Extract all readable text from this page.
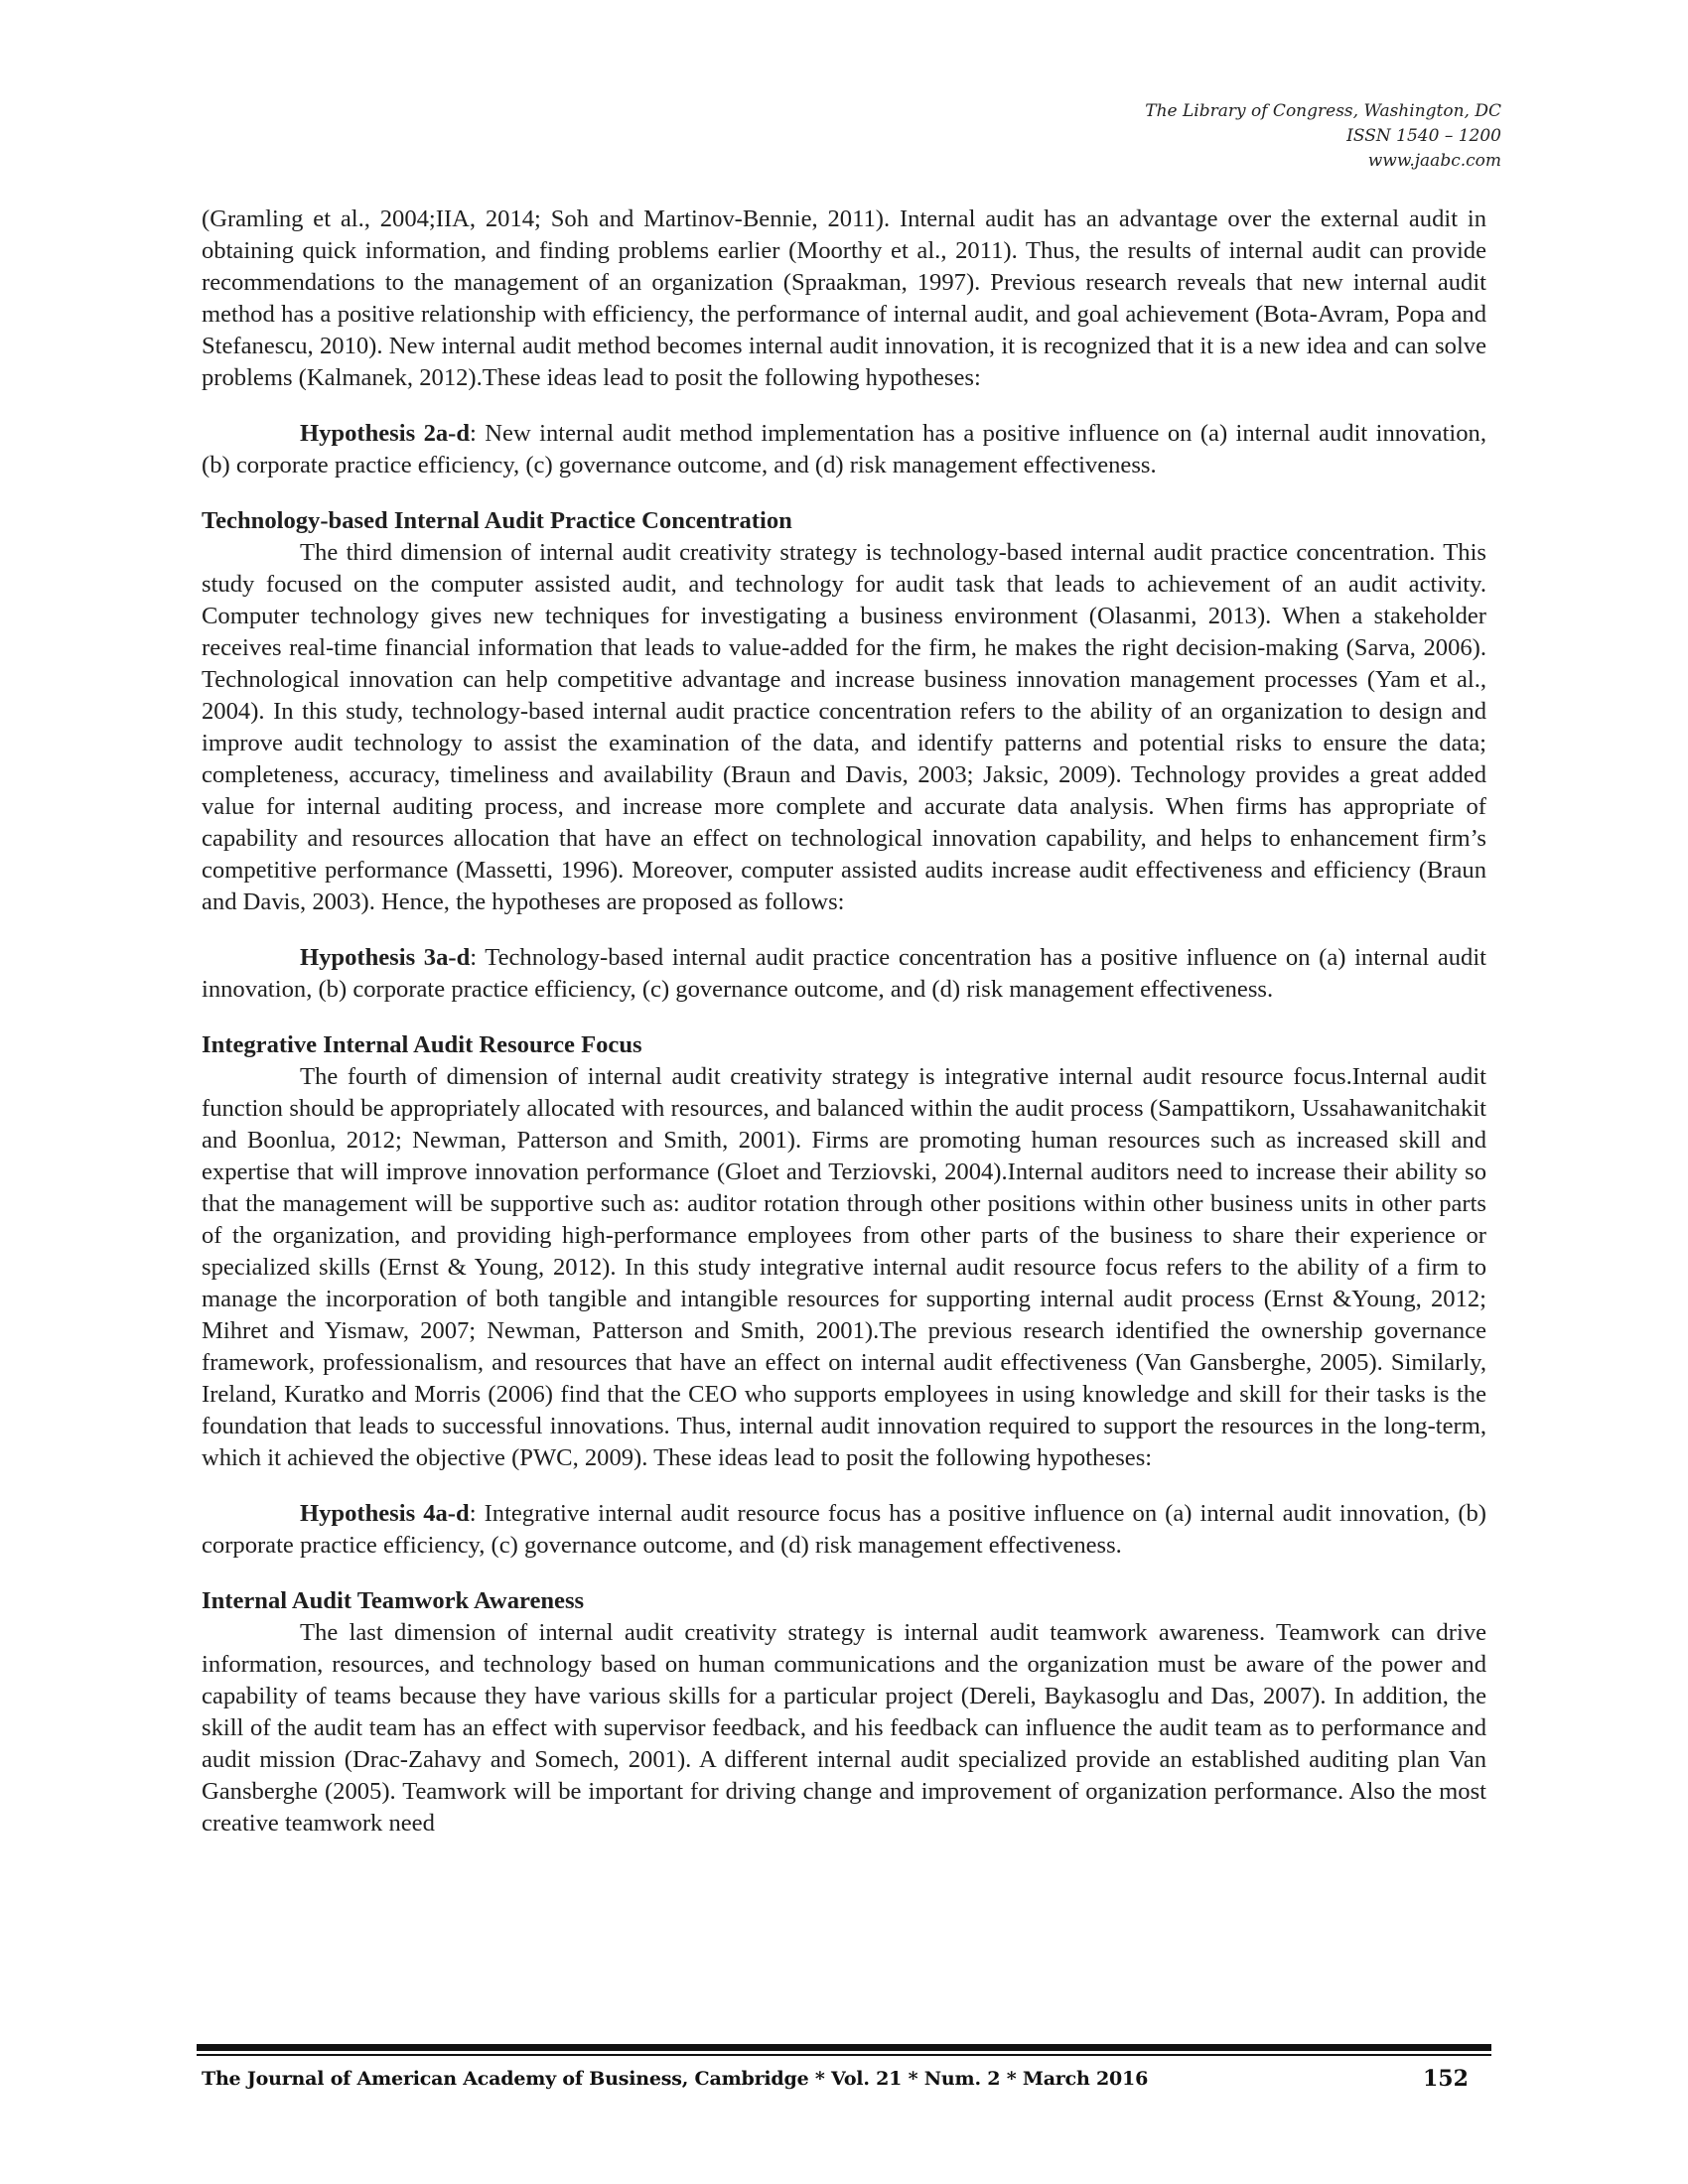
The Library of Congress, Washington, DC
ISSN 1540 – 1200
www.jaabc.com

(Gramling et al., 2004;IIA, 2014; Soh and Martinov-Bennie, 2011). Internal audit has an advantage over the external audit in obtaining quick information, and finding problems earlier (Moorthy et al., 2011). Thus, the results of internal audit can provide recommendations to the management of an organization (Spraakman, 1997). Previous research reveals that new internal audit method has a positive relationship with efficiency, the performance of internal audit, and goal achievement (Bota-Avram, Popa and Stefanescu, 2010). New internal audit method becomes internal audit innovation, it is recognized that it is a new idea and can solve problems (Kalmanek, 2012).These ideas lead to posit the following hypotheses:

Hypothesis 2a-d: New internal audit method implementation has a positive influence on (a) internal audit innovation, (b) corporate practice efficiency, (c) governance outcome, and (d) risk management effectiveness.

Technology-based Internal Audit Practice Concentration

The third dimension of internal audit creativity strategy is technology-based internal audit practice concentration. This study focused on the computer assisted audit, and technology for audit task that leads to achievement of an audit activity. Computer technology gives new techniques for investigating a business environment (Olasanmi, 2013). When a stakeholder receives real-time financial information that leads to value-added for the firm, he makes the right decision-making (Sarva, 2006). Technological innovation can help competitive advantage and increase business innovation management processes (Yam et al., 2004). In this study, technology-based internal audit practice concentration refers to the ability of an organization to design and improve audit technology to assist the examination of the data, and identify patterns and potential risks to ensure the data; completeness, accuracy, timeliness and availability (Braun and Davis, 2003; Jaksic, 2009). Technology provides a great added value for internal auditing process, and increase more complete and accurate data analysis. When firms has appropriate of capability and resources allocation that have an effect on technological innovation capability, and helps to enhancement firm’s competitive performance (Massetti, 1996). Moreover, computer assisted audits increase audit effectiveness and efficiency (Braun and Davis, 2003). Hence, the hypotheses are proposed as follows:

Hypothesis 3a-d: Technology-based internal audit practice concentration has a positive influence on (a) internal audit innovation, (b) corporate practice efficiency, (c) governance outcome, and (d) risk management effectiveness.

Integrative Internal Audit Resource Focus

The fourth of dimension of internal audit creativity strategy is integrative internal audit resource focus.Internal audit function should be appropriately allocated with resources, and balanced within the audit process (Sampattikorn, Ussahawanitchakit and Boonlua, 2012; Newman, Patterson and Smith, 2001). Firms are promoting human resources such as increased skill and expertise that will improve innovation performance (Gloet and Terziovski, 2004).Internal auditors need to increase their ability so that the management will be supportive such as: auditor rotation through other positions within other business units in other parts of the organization, and providing high-performance employees from other parts of the business to share their experience or specialized skills (Ernst & Young, 2012). In this study integrative internal audit resource focus refers to the ability of a firm to manage the incorporation of both tangible and intangible resources for supporting internal audit process (Ernst &Young, 2012; Mihret and Yismaw, 2007; Newman, Patterson and Smith, 2001).The previous research identified the ownership governance framework, professionalism, and resources that have an effect on internal audit effectiveness (Van Gansberghe, 2005). Similarly, Ireland, Kuratko and Morris (2006) find that the CEO who supports employees in using knowledge and skill for their tasks is the foundation that leads to successful innovations. Thus, internal audit innovation required to support the resources in the long-term, which it achieved the objective (PWC, 2009). These ideas lead to posit the following hypotheses:

Hypothesis 4a-d: Integrative internal audit resource focus has a positive influence on (a) internal audit innovation, (b) corporate practice efficiency, (c) governance outcome, and (d) risk management effectiveness.

Internal Audit Teamwork Awareness

The last dimension of internal audit creativity strategy is internal audit teamwork awareness. Teamwork can drive information, resources, and technology based on human communications and the organization must be aware of the power and capability of teams because they have various skills for a particular project (Dereli, Baykasoglu and Das, 2007). In addition, the skill of the audit team has an effect with supervisor feedback, and his feedback can influence the audit team as to performance and audit mission (Drac-Zahavy and Somech, 2001). A different internal audit specialized provide an established auditing plan Van Gansberghe (2005). Teamwork will be important for driving change and improvement of organization performance. Also the most creative teamwork need

The Journal of American Academy of Business, Cambridge * Vol. 21 * Num. 2 * March 2016	152
